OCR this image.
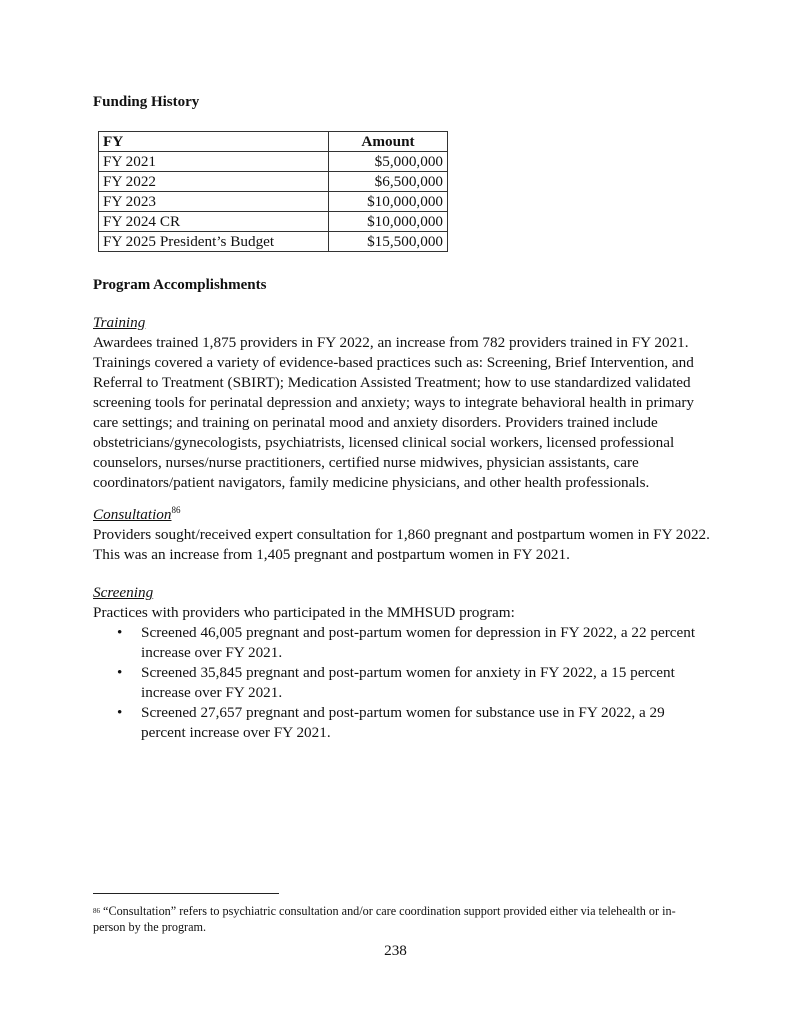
Funding History
FY	Amount
FY 2021	$5,000,000
FY 2022	$6,500,000
FY 2023	$10,000,000
FY 2024 CR	$10,000,000
FY 2025 President’s Budget	$15,500,000
Program Accomplishments
Training
Awardees trained 1,875 providers in FY 2022, an increase from 782 providers trained in FY 2021. Trainings covered a variety of evidence-based practices such as: Screening, Brief Intervention, and Referral to Treatment (SBIRT); Medication Assisted Treatment; how to use standardized validated screening tools for perinatal depression and anxiety; ways to integrate behavioral health in primary care settings; and training on perinatal mood and anxiety disorders. Providers trained include obstetricians/gynecologists, psychiatrists, licensed clinical social workers, licensed professional counselors, nurses/nurse practitioners, certified nurse midwives, physician assistants, care coordinators/patient navigators, family medicine physicians, and other health professionals.
Consultation$^{86}$
Providers sought/received expert consultation for 1,860 pregnant and postpartum women in FY 2022. This was an increase from 1,405 pregnant and postpartum women in FY 2021.
Screening
Practices with providers who participated in the MMHSUD program:
• Screened 46,005 pregnant and post-partum women for depression in FY 2022, a 22 percent increase over FY 2021.
• Screened 35,845 pregnant and post-partum women for anxiety in FY 2022, a 15 percent increase over FY 2021.
• Screened 27,657 pregnant and post-partum women for substance use in FY 2022, a 29 percent increase over FY 2021.
$^{86}$ “Consultation” refers to psychiatric consultation and/or care coordination support provided either via telehealth or in-person by the program.
238
